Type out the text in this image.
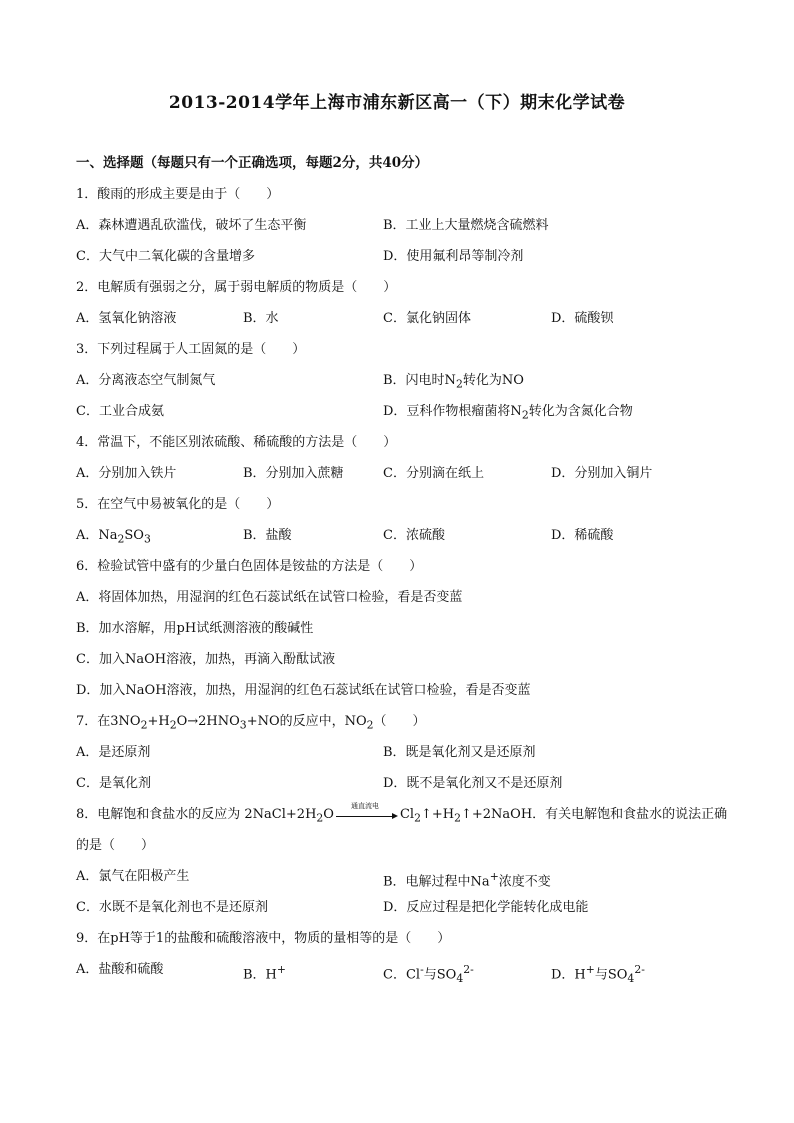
2013-2014学年上海市浦东新区高一（下）期末化学试卷
一、选择题（每题只有一个正确选项，每题2分，共40分）
1．酸雨的形成主要是由于（　　）
A．森林遭遇乱砍滥伐，破坏了生态平衡	B．工业上大量燃烧含硫燃料
C．大气中二氧化碳的含量增多	D．使用氟利昂等制冷剂
2．电解质有强弱之分，属于弱电解质的物质是（　　）
A．氢氧化钠溶液	B．水	C．氯化钠固体	D．硫酸钡
3．下列过程属于人工固氮的是（　　）
A．分离液态空气制氮气	B．闪电时$N_2$转化为NO
C．工业合成氨	D．豆科作物根瘤菌将$N_2$转化为含氮化合物
4．常温下，不能区别浓硫酸、稀硫酸的方法是（　　）
A．分别加入铁片	B．分别加入蔗糖	C．分别滴在纸上	D．分别加入铜片
5．在空气中易被氧化的是（　　）
A．$Na_2SO_3$	B．盐酸	C．浓硫酸	D．稀硫酸
6．检验试管中盛有的少量白色固体是铵盐的方法是（　　）
A．将固体加热，用湿润的红色石蕊试纸在试管口检验，看是否变蓝
B．加水溶解，用pH试纸测溶液的酸碱性
C．加入NaOH溶液，加热，再滴入酚酞试液
D．加入NaOH溶液，加热，用湿润的红色石蕊试纸在试管口检验，看是否变蓝
7．在$3NO_2+H_2O\to 2HNO_3+NO$的反应中，$NO_2$（　　）
A．是还原剂	B．既是氧化剂又是还原剂
C．是氧化剂	D．既不是氧化剂又不是还原剂
8．电解饱和食盐水的反应为 $2NaCl+2H_2O$
通直流电
$Cl_2↑+H_2↑+2NaOH$．有关电解饱和食盐水的说法正确
的是（　　）
A．氯气在阳极产生	B．电解过程中Na+浓度不变
C．水既不是氧化剂也不是还原剂	D．反应过程是把化学能转化成电能
9．在pH等于1的盐酸和硫酸溶液中，物质的量相等的是（　　）
A．盐酸和硫酸	B．H+	C．Cl-与$SO_4^{2-}$	D．H+与$SO_4^{2-}$
